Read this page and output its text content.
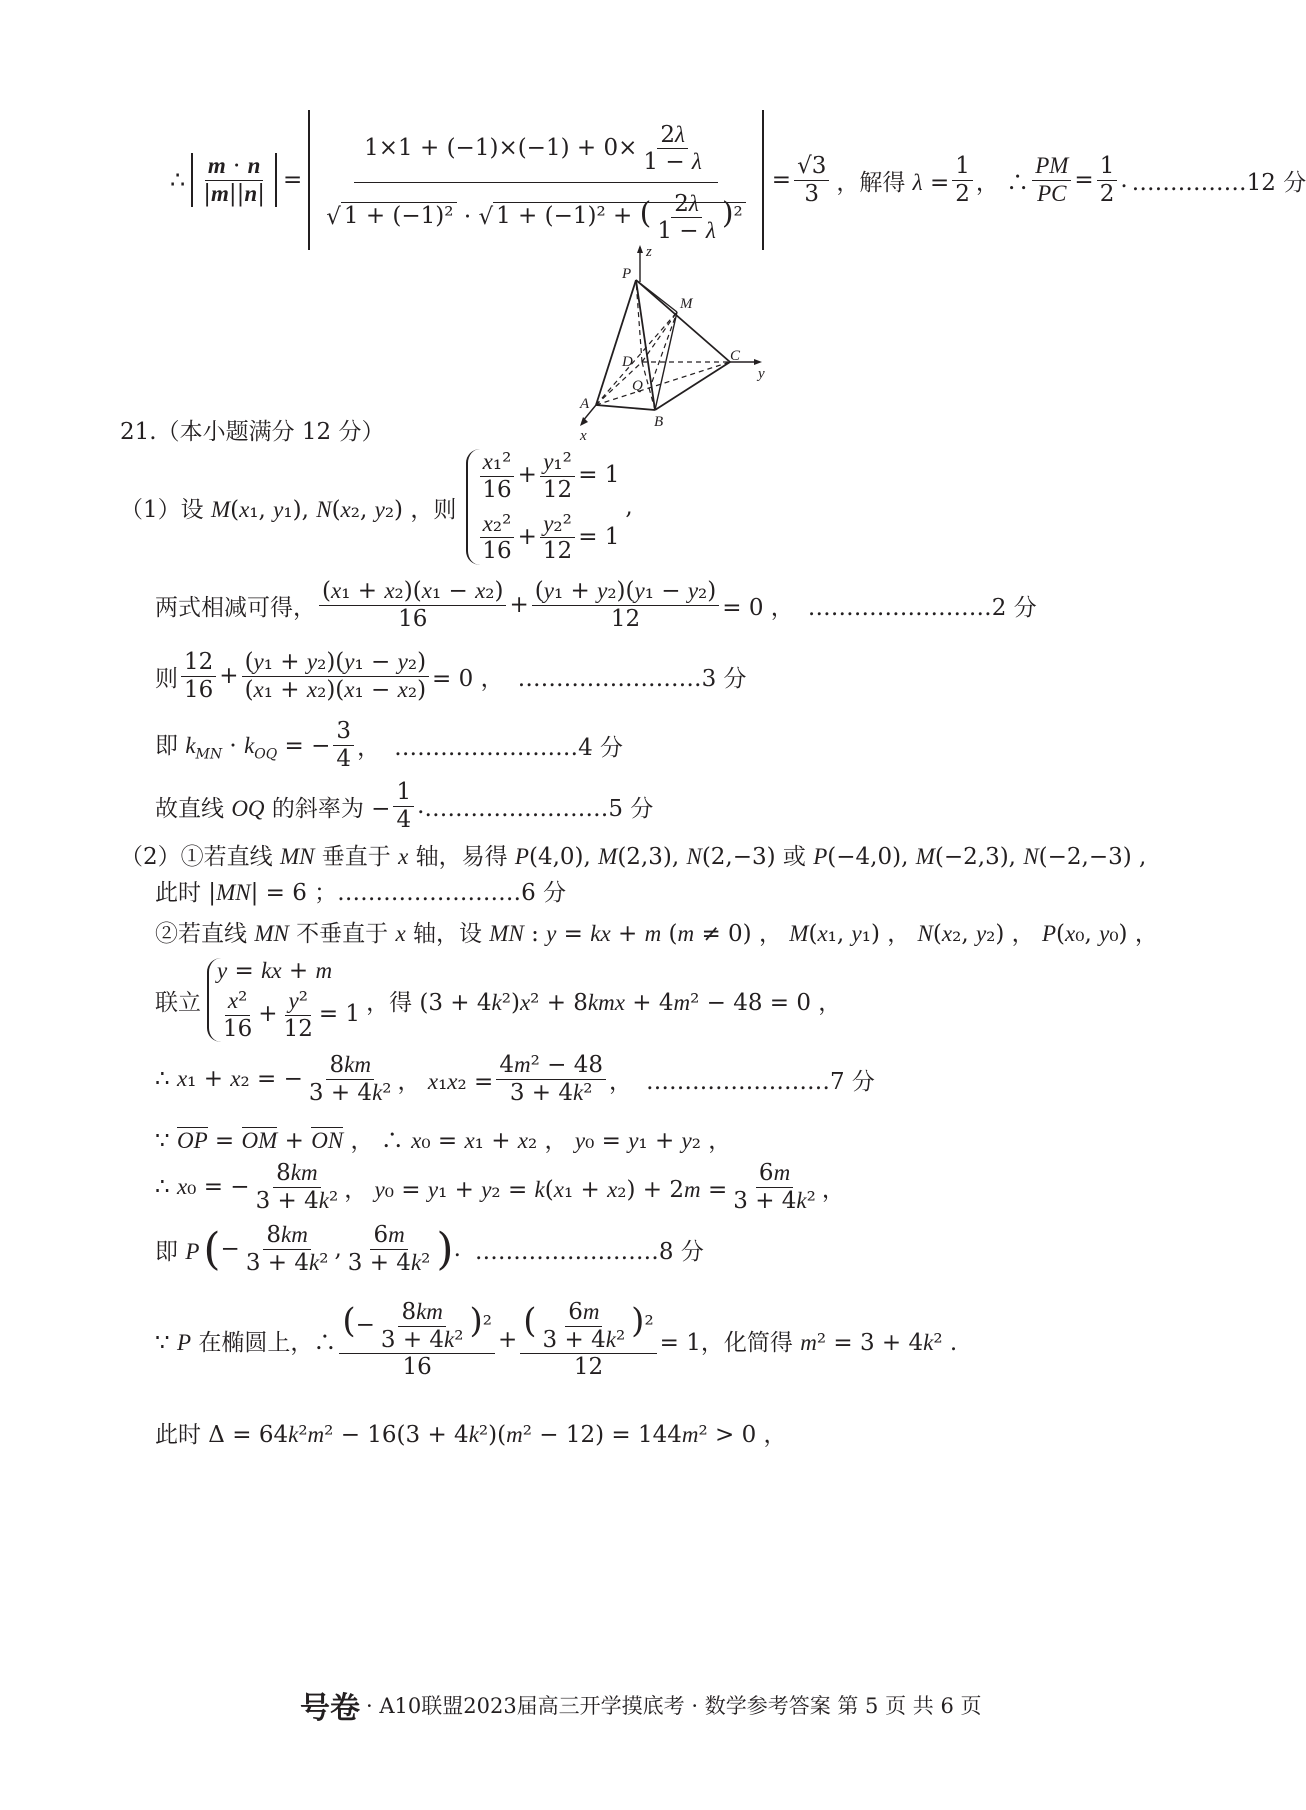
∴ $\frac{m \cdot n}{|m||n|} = \frac{1\times 1 + (-1)\times(-1) + 0\times \frac{2\lambda}{1 - \lambda}}{√ 1 + (-1)^2 \cdot √ 1 + (-1)^2 + ( \frac{2\lambda}{1 - \lambda} )^2} = \frac{√3}{3}$ ，解得 $\lambda = \frac{1}{2}$ ， ∴ $\frac{PM}{PC} = \frac{1}{2}$ . ……………12 分
z
P
M
D	C
y
Q
A
B
x
21.（本小题满分 12 分）
（1）设 M(x₁, y₁), N(x₂, y₂) ，则
$\frac{\text{x₁²}}{16} + \frac{\text{y₁²}}{12} = 1$
$\frac{\text{x₂²}}{16} + \frac{\text{y₂²}}{12} = 1$
,
两式相减可得， $\frac{\text{(x₁ + x₂)(x₁ − x₂)}}{16} + \frac{\text{(y₁ + y₂)(y₁ − y₂)}}{12} = 0$ ， ……………………2 分
则 $\frac{12}{16} + \frac{\text{(y₁ + y₂)(y₁ − y₂)}}{\text{(x₁ + x₂)(x₁ − x₂)}} = 0$ ， ……………………3 分
即 $k_{MN} \cdot k_{OQ}$ = − $\frac{3}{4}$ ， ……………………4 分
故直线 OQ 的斜率为 − $\frac{1}{4}$ . ……………………5 分
（2）①若直线 MN 垂直于 x 轴，易得 P(4,0), M(2,3), N(2,−3) 或 P(−4,0), M(−2,3), N(−2,−3) ,
此时 |MN| = 6 ； ……………………6 分
②若直线 MN 不垂直于 x 轴，设 MN : y = kx + m (m ≠ 0) ， M(x₁, y₁) ， N(x₂, y₂) ， P(x₀, y₀) ，
联立
y = kx + m
$\frac{\text{x²}}{16} + \frac{\text{y²}}{12} = 1$ ，得 (3 + 4k²)x² + 8kmx + 4m² − 48 = 0 ，
∴ x₁ + x₂ = − $\frac{8km}{\text{3 + 4k²}}$ ， $x_1x_2 = \frac{\text{4m² − 48}}{\text{3 + 4k²}}$ ， ……………………7 分
∵ OP = OM + ON ， ∴ x₀ = x₁ + x₂ ， y₀ = y₁ + y₂ ，
∴ x₀ = − $\frac{8km}{\text{3 + 4k²}}$ ， $y_0 = y_1 + y_2 = k(x_1 + x_2) + 2m = \frac{6m}{\text{3 + 4k²}}$ ，
即 P ( − $\frac{8km}{\text{3 + 4k²}}$ , $\frac{6m}{\text{3 + 4k²}}$ ) . ……………………8 分
∵ P 在椭圆上，∴ $\frac{(- \frac{8km}{\text{3 + 4k²}} )^2}{16} + \frac{( \frac{6m}{\text{3 + 4k²}} )^2}{12} = 1$，化简得 m² = 3 + 4k² .
此时 Δ = 64k²m² − 16(3 + 4k²)(m² − 12) = 144m² > 0 ，
号卷 · A10联盟2023届高三开学摸底考 · 数学参考答案 第 5 页 共 6 页
